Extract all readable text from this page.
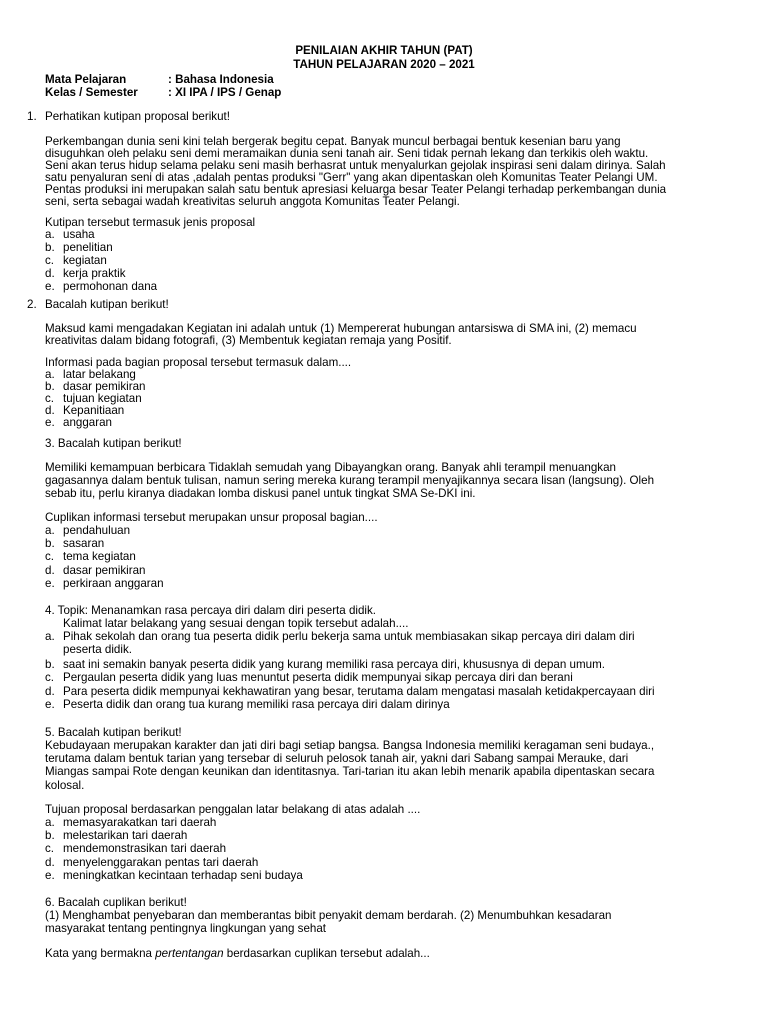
PENILAIAN AKHIR TAHUN (PAT)
TAHUN PELAJARAN 2020 – 2021
Mata Pelajaran	: Bahasa Indonesia
Kelas / Semester	: XI IPA / IPS / Genap
1. Perhatikan kutipan proposal berikut!
Perkembangan dunia seni kini telah bergerak begitu cepat. Banyak muncul berbagai bentuk kesenian baru yang
disuguhkan oleh pelaku seni demi meramaikan dunia seni tanah air. Seni tidak pernah lekang dan terkikis oleh waktu.
Seni akan terus hidup selama pelaku seni masih berhasrat untuk menyalurkan gejolak inspirasi seni dalam dirinya. Salah
satu penyaluran seni di atas ,adalah pentas produksi "Gerr" yang akan dipentaskan oleh Komunitas Teater Pelangi UM.
Pentas produksi ini merupakan salah satu bentuk apresiasi keluarga besar Teater Pelangi terhadap perkembangan dunia
seni, serta sebagai wadah kreativitas seluruh anggota Komunitas Teater Pelangi.
Kutipan tersebut termasuk jenis proposal
a. usaha
b. penelitian
c. kegiatan
d. kerja praktik
e. permohonan dana
2. Bacalah kutipan berikut!
Maksud kami mengadakan Kegiatan ini adalah untuk (1) Mempererat hubungan antarsiswa di SMA ini, (2) memacu
kreativitas dalam bidang fotografi, (3) Membentuk kegiatan remaja yang Positif.
Informasi pada bagian proposal tersebut termasuk dalam....
a. latar belakang
b. dasar pemikiran
c. tujuan kegiatan
d. Kepanitiaan
e. anggaran
3. Bacalah kutipan berikut!
Memiliki kemampuan berbicara Tidaklah semudah yang Dibayangkan orang. Banyak ahli terampil menuangkan
gagasannya dalam bentuk tulisan, namun sering mereka kurang terampil menyajikannya secara lisan (langsung). Oleh
sebab itu, perlu kiranya diadakan lomba diskusi panel untuk tingkat SMA Se-DKI ini.
Cuplikan informasi tersebut merupakan unsur proposal bagian....
a. pendahuluan
b. sasaran
c. tema kegiatan
d. dasar pemikiran
e. perkiraan anggaran
4. Topik: Menanamkan rasa percaya diri dalam diri peserta didik.
Kalimat latar belakang yang sesuai dengan topik tersebut adalah....
a. Pihak sekolah dan orang tua peserta didik perlu bekerja sama untuk membiasakan sikap percaya diri dalam diri
peserta didik.
b. saat ini semakin banyak peserta didik yang kurang memiliki rasa percaya diri, khususnya di depan umum.
c. Pergaulan peserta didik yang luas menuntut peserta didik mempunyai sikap percaya diri dan berani
d. Para peserta didik mempunyai kekhawatiran yang besar, terutama dalam mengatasi masalah ketidakpercayaan diri
e. Peserta didik dan orang tua kurang memiliki rasa percaya diri dalam dirinya
5. Bacalah kutipan berikut!
Kebudayaan merupakan karakter dan jati diri bagi setiap bangsa. Bangsa Indonesia memiliki keragaman seni budaya.,
terutama dalam bentuk tarian yang tersebar di seluruh pelosok tanah air, yakni dari Sabang sampai Merauke, dari
Miangas sampai Rote dengan keunikan dan identitasnya. Tari-tarian itu akan lebih menarik apabila dipentaskan secara
kolosal.
Tujuan proposal berdasarkan penggalan latar belakang di atas adalah ....
a. memasyarakatkan tari daerah
b. melestarikan tari daerah
c. mendemonstrasikan tari daerah
d. menyelenggarakan pentas tari daerah
e. meningkatkan kecintaan terhadap seni budaya
6. Bacalah cuplikan berikut!
(1) Menghambat penyebaran dan memberantas bibit penyakit demam berdarah. (2) Menumbuhkan kesadaran
masyarakat tentang pentingnya lingkungan yang sehat
Kata yang bermakna pertentangan berdasarkan cuplikan tersebut adalah...
